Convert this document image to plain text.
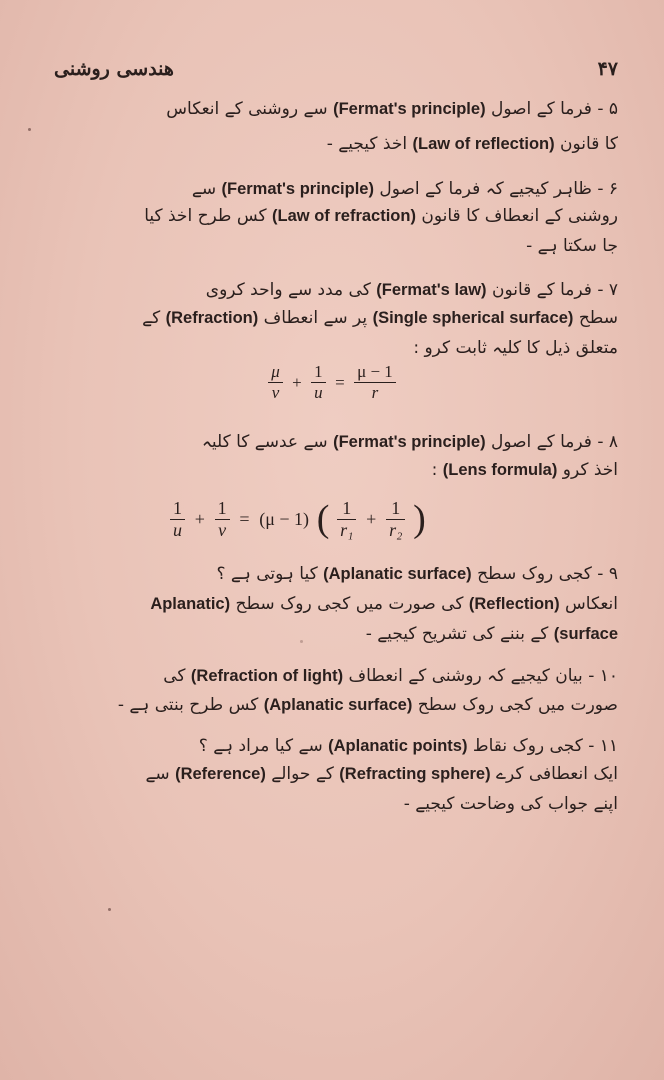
هندسی روشنی	۴۷
۵ - فرما کے اصول (Fermat's principle) سے روشنی کے انعکاس
کا قانون (Law of reflection) اخذ کیجیے -
۶ - ظاہر کیجیے کہ فرما کے اصول (Fermat's principle) سے
روشنی کے انعطاف کا قانون (Law of refraction) کس طرح اخذ کیا
جا سکتا ہے -
۷ - فرما کے قانون (Fermat's law) کی مدد سے واحد کروی
سطح (Single spherical surface) پر سے انعطاف (Refraction) کے
متعلق ذیل کا کلیہ ثابت کرو :
$\frac{\mu}{v} + \frac{1}{u} = \frac{\mu - 1}{r}$
۸ - فرما کے اصول (Fermat's principle) سے عدسے کا کلیہ
اخذ کرو (Lens formula) :
$\frac{1}{u} + \frac{1}{v} = (\mu - 1)$ ( $\frac{1}{\text{r₁}} + \frac{1}{\text{r₂}}$ )
۹ - کجی روک سطح (Aplanatic surface) کیا ہوتی ہے ؟
انعکاس (Reflection) کی صورت میں کجی روک سطح (Aplanatic
surface) کے بننے کی تشریح کیجیے -
۱۰ - بیان کیجیے کہ روشنی کے انعطاف (Refraction of light) کی
صورت میں کجی روک سطح (Aplanatic surface) کس طرح بنتی ہے -
۱۱ - کجی روک نقاط (Aplanatic points) سے کیا مراد ہے ؟
ایک انعطافی کرے (Refracting sphere) کے حوالے (Reference) سے
اپنے جواب کی وضاحت کیجیے -
